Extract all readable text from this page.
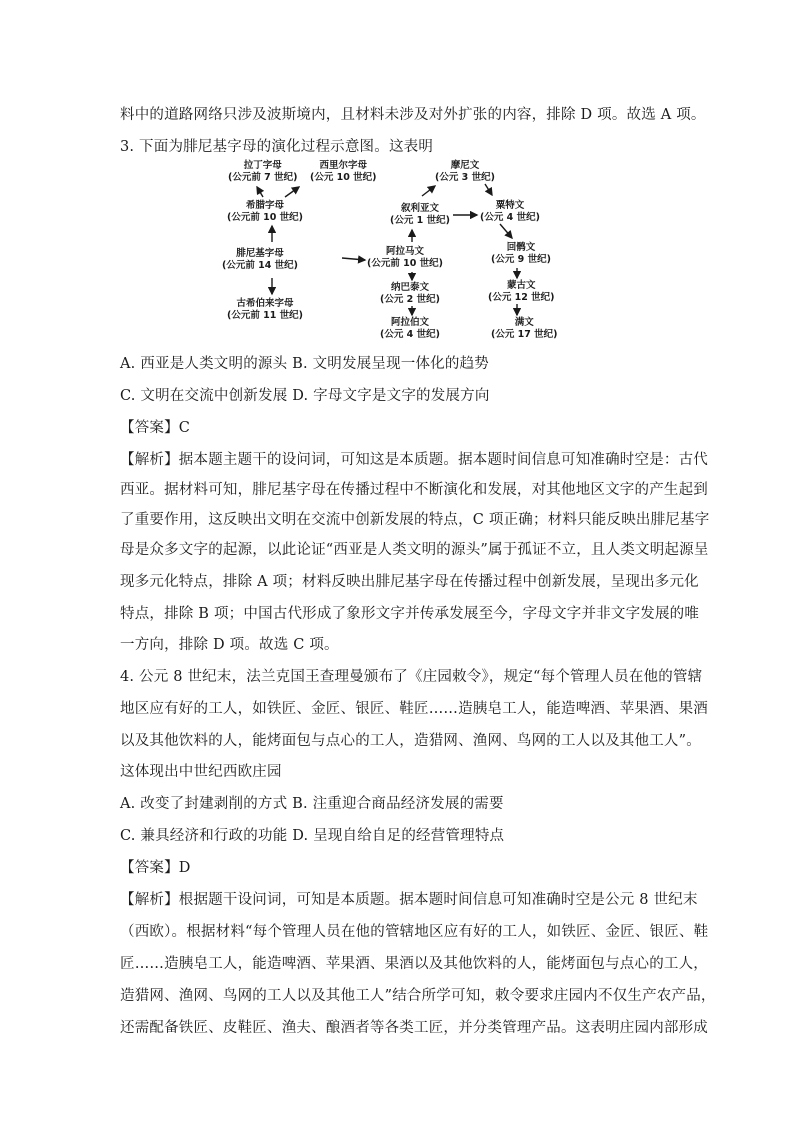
料中的道路网络只涉及波斯境内，且材料未涉及对外扩张的内容，排除 D 项。故选 A 项。
3. 下面为腓尼基字母的演化过程示意图。这表明
拉丁字母
(公元前 7 世纪)
西里尔字母
(公元 10 世纪)
希腊字母
(公元前 10 世纪)
腓尼基字母
(公元前 14 世纪)
古希伯来字母
(公元前 11 世纪)
摩尼文
(公元 3 世纪)
叙利亚文
(公元 1 世纪)
粟特文
(公元 4 世纪)
阿拉马文
(公元前 10 世纪)
回鹘文
(公元 9 世纪)
纳巴泰文
(公元 2 世纪)
蒙古文
(公元 12 世纪)
阿拉伯文
(公元 4 世纪)
满文
(公元 17 世纪)
A. 西亚是人类文明的源头 B. 文明发展呈现一体化的趋势
C. 文明在交流中创新发展 D. 字母文字是文字的发展方向
【答案】C
【解析】据本题主题干的设问词，可知这是本质题。据本题时间信息可知准确时空是：古代
西亚。据材料可知，腓尼基字母在传播过程中不断演化和发展，对其他地区文字的产生起到
了重要作用，这反映出文明在交流中创新发展的特点，C 项正确；材料只能反映出腓尼基字
母是众多文字的起源，以此论证“西亚是人类文明的源头”属于孤证不立，且人类文明起源呈
现多元化特点，排除 A 项；材料反映出腓尼基字母在传播过程中创新发展，呈现出多元化
特点，排除 B 项；中国古代形成了象形文字并传承发展至今，字母文字并非文字发展的唯
一方向，排除 D 项。故选 C 项。
4. 公元 8 世纪末，法兰克国王查理曼颁布了《庄园敕令》，规定“每个管理人员在他的管辖
地区应有好的工人，如铁匠、金匠、银匠、鞋匠……造胰皂工人，能造啤酒、苹果酒、果酒
以及其他饮料的人，能烤面包与点心的工人，造猎网、渔网、鸟网的工人以及其他工人”。
这体现出中世纪西欧庄园
A. 改变了封建剥削的方式 B. 注重迎合商品经济发展的需要
C. 兼具经济和行政的功能 D. 呈现自给自足的经营管理特点
【答案】D
【解析】根据题干设问词，可知是本质题。据本题时间信息可知准确时空是公元 8 世纪末
（西欧）。根据材料“每个管理人员在他的管辖地区应有好的工人，如铁匠、金匠、银匠、鞋
匠……造胰皂工人，能造啤酒、苹果酒、果酒以及其他饮料的人，能烤面包与点心的工人，
造猎网、渔网、鸟网的工人以及其他工人”结合所学可知，敕令要求庄园内不仅生产农产品，
还需配备铁匠、皮鞋匠、渔夫、酿酒者等各类工匠，并分类管理产品。这表明庄园内部形成
